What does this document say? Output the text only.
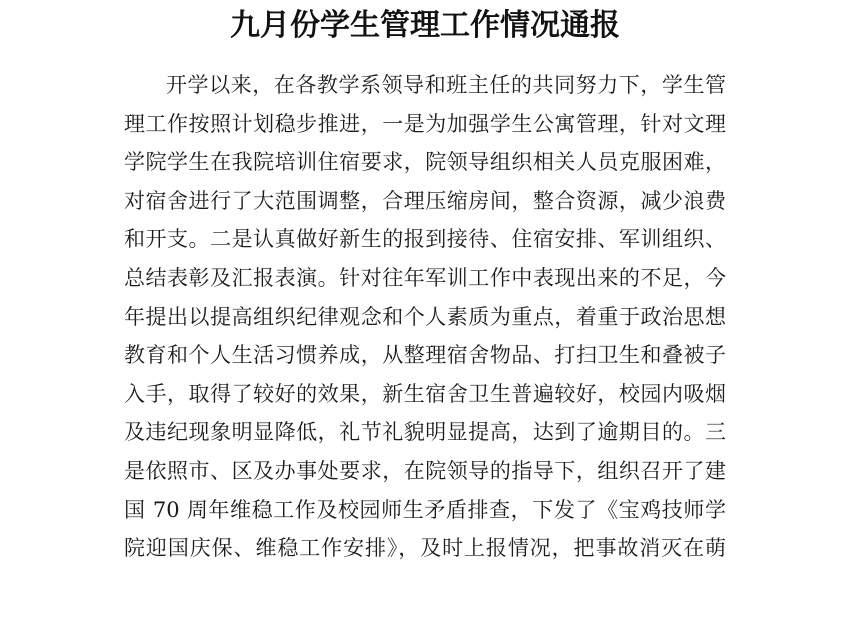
九月份学生管理工作情况通报
开学以来，在各教学系领导和班主任的共同努力下，学生管
理工作按照计划稳步推进，一是为加强学生公寓管理，针对文理
学院学生在我院培训住宿要求，院领导组织相关人员克服困难，
对宿舍进行了大范围调整，合理压缩房间，整合资源，减少浪费
和开支。二是认真做好新生的报到接待、住宿安排、军训组织、
总结表彰及汇报表演。针对往年军训工作中表现出来的不足，今
年提出以提高组织纪律观念和个人素质为重点，着重于政治思想
教育和个人生活习惯养成，从整理宿舍物品、打扫卫生和叠被子
入手，取得了较好的效果，新生宿舍卫生普遍较好，校园内吸烟
及违纪现象明显降低，礼节礼貌明显提高，达到了逾期目的。三
是依照市、区及办事处要求，在院领导的指导下，组织召开了建
国 70 周年维稳工作及校园师生矛盾排查，下发了《宝鸡技师学
院迎国庆保、维稳工作安排》，及时上报情况，把事故消灭在萌
